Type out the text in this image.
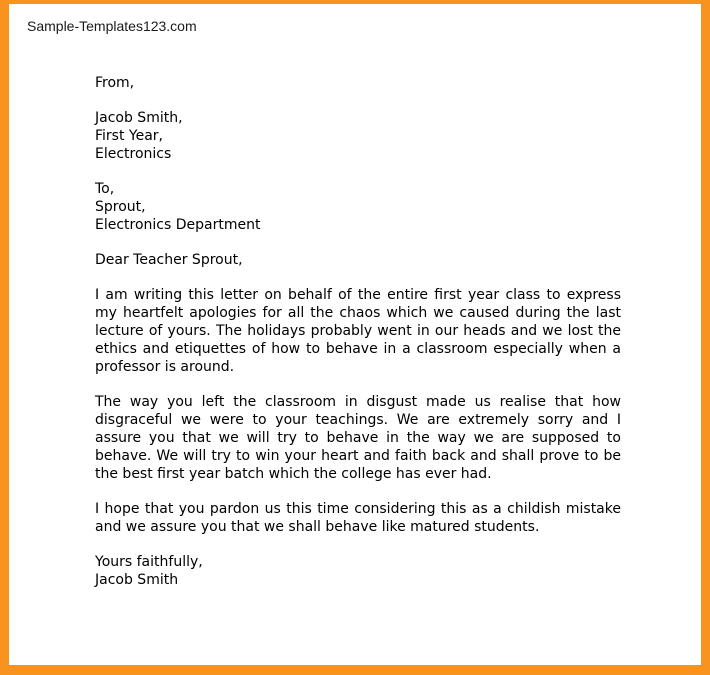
Sample-Templates123.com
From,
Jacob Smith,
First Year,
Electronics
To,
Sprout,
Electronics Department
Dear Teacher Sprout,

I am writing this letter on behalf of the entire first year class to express my heartfelt apologies for all the chaos which we caused during the last lecture of yours. The holidays probably went in our heads and we lost the ethics and etiquettes of how to behave in a classroom especially when a professor is around.

The way you left the classroom in disgust made us realise that how disgraceful we were to your teachings. We are extremely sorry and I assure you that we will try to behave in the way we are supposed to behave. We will try to win your heart and faith back and shall prove to be the best first year batch which the college has ever had.

I hope that you pardon us this time considering this as a childish mistake and we assure you that we shall behave like matured students.

Yours faithfully,
Jacob Smith
